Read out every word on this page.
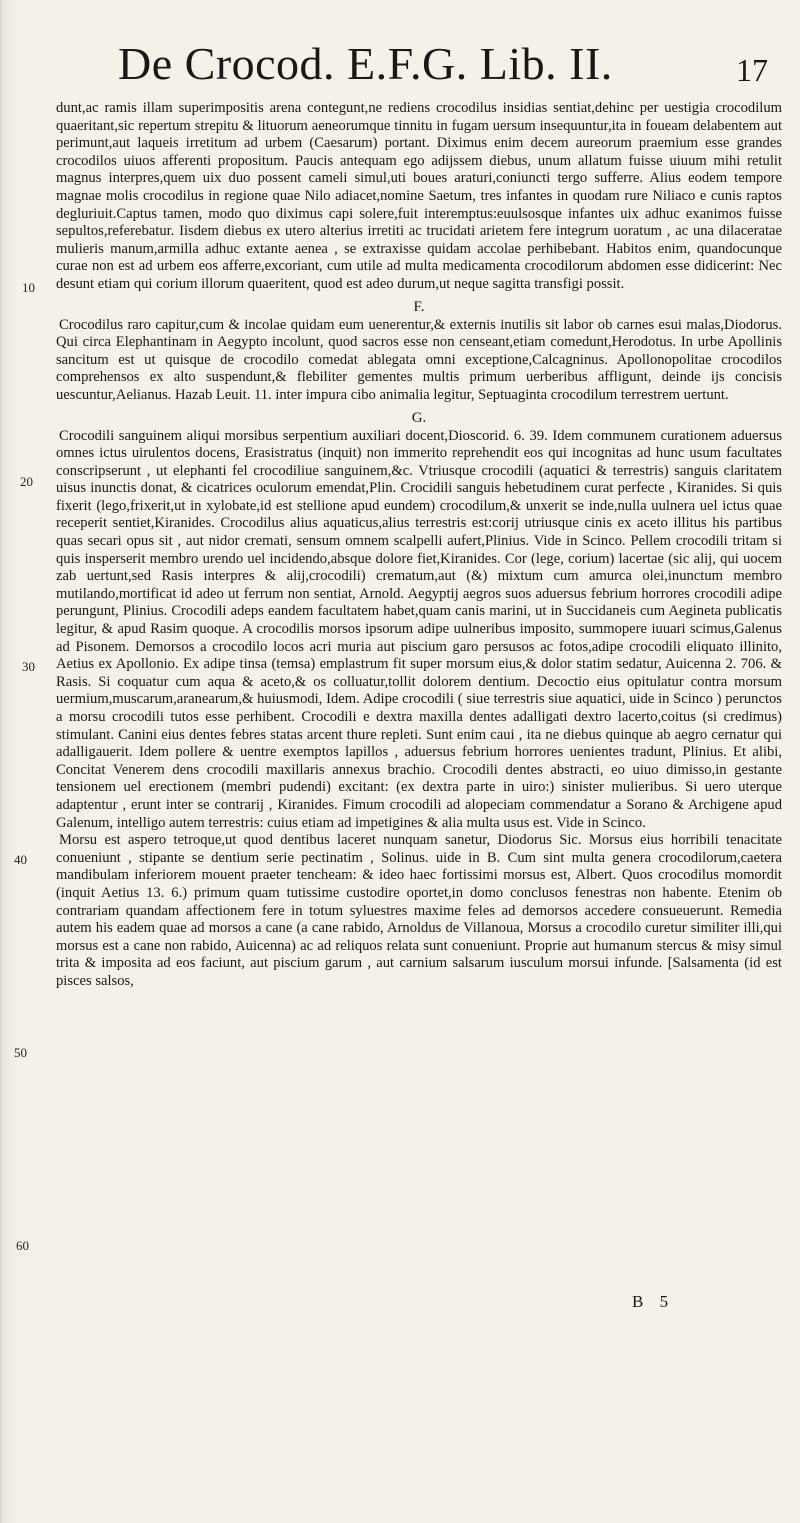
De Crocod. E.F.G. Lib. II.	17
10
20
30
40
50
60

dunt,ac ramis illam superimpositis arena contegunt,ne rediens crocodilus insidias sentiat,dehinc per uestigia crocodilum quaeritant,sic repertum strepitu & lituorum aeneorumque tinnitu in fugam uersum insequuntur,ita in foueam delabentem aut perimunt,aut laqueis irretitum ad urbem (Caesarum) portant. Diximus enim decem aureorum praemium esse grandes crocodilos uiuos afferenti propositum. Paucis antequam ego adijssem diebus, unum allatum fuisse uiuum mihi retulit magnus interpres,quem uix duo possent cameli simul,uti boues araturi,coniuncti tergo sufferre. Alius eodem tempore magnae molis crocodilus in regione quae Nilo adiacet,nomine Saetum, tres infantes in quodam rure Niliaco e cunis raptos degluriuit.Captus tamen, modo quo diximus capi solere,fuit interemptus:euulsosque infantes uix adhuc exanimos fuisse sepultos,referebatur. Iisdem diebus ex utero alterius irretiti ac trucidati arietem fere integrum uoratum , ac una dilaceratae mulieris manum,armilla adhuc extante aenea , se extraxisse quidam accolae perhibebant. Habitos enim, quandocunque curae non est ad urbem eos afferre,excoriant, cum utile ad multa medicamenta crocodilorum abdomen esse didicerint: Nec desunt etiam qui corium illorum quaeritent, quod est adeo durum,ut neque sagitta transfigi possit.

F.

Crocodilus raro capitur,cum & incolae quidam eum uenerentur,& externis inutilis sit labor ob carnes esui malas,Diodorus. Qui circa Elephantinam in Aegypto incolunt, quod sacros esse non censeant,etiam comedunt,Herodotus. In urbe Apollinis sancitum est ut quisque de crocodilo comedat ablegata omni exceptione,Calcagninus. Apollonopolitae crocodilos comprehensos ex alto suspendunt,& flebiliter gementes multis primum uerberibus affligunt, deinde ijs concisis uescuntur,Aelianus. Hazab Leuit. 11. inter impura cibo animalia legitur, Septuaginta crocodilum terrestrem uertunt.

G.

Crocodili sanguinem aliqui morsibus serpentium auxiliari docent,Dioscorid. 6. 39. Idem communem curationem aduersus omnes ictus uirulentos docens, Erasistratus (inquit) non immerito reprehendit eos qui incognitas ad hunc usum facultates conscripserunt , ut elephanti fel crocodiliue sanguinem,&c. Vtriusque crocodili (aquatici & terrestris) sanguis claritatem uisus inunctis donat, & cicatrices oculorum emendat,Plin. Crocidili sanguis hebetudinem curat perfecte , Kiranides. Si quis fixerit (lego,frixerit,ut in xylobate,id est stellione apud eundem) crocodilum,& unxerit se inde,nulla uulnera uel ictus quae receperit sentiet,Kiranides. Crocodilus alius aquaticus,alius terrestris est:corij utriusque cinis ex aceto illitus his partibus quas secari opus sit , aut nidor cremati, sensum omnem scalpelli aufert,Plinius. Vide in Scinco. Pellem crocodili tritam si quis insperserit membro urendo uel incidendo,absque dolore fiet,Kiranides. Cor (lege, corium) lacertae (sic alij, qui uocem zab uertunt,sed Rasis interpres & alij,crocodili) crematum,aut (&) mixtum cum amurca olei,inunctum membro mutilando,mortificat id adeo ut ferrum non sentiat, Arnold. Aegyptij aegros suos aduersus febrium horrores crocodili adipe perungunt, Plinius. Crocodili adeps eandem facultatem habet,quam canis marini, ut in Succidaneis cum Aegineta publicatis legitur, & apud Rasim quoque. A crocodilis morsos ipsorum adipe uulneribus imposito, summopere iuuari scimus,Galenus ad Pisonem. Demorsos a crocodilo locos acri muria aut piscium garo persusos ac fotos,adipe crocodili eliquato illinito, Aetius ex Apollonio. Ex adipe tinsa (temsa) emplastrum fit super morsum eius,& dolor statim sedatur, Auicenna 2. 706. & Rasis. Si coquatur cum aqua & aceto,& os colluatur,tollit dolorem dentium. Decoctio eius opitulatur contra morsum uermium,muscarum,aranearum,& huiusmodi, Idem. Adipe crocodili ( siue terrestris siue aquatici, uide in Scinco ) perunctos a morsu crocodili tutos esse perhibent. Crocodili e dextra maxilla dentes adalligati dextro lacerto,coitus (si credimus) stimulant. Canini eius dentes febres statas arcent thure repleti. Sunt enim caui , ita ne diebus quinque ab aegro cernatur qui adalligauerit. Idem pollere & uentre exemptos lapillos , aduersus febrium horrores uenientes tradunt, Plinius. Et alibi, Concitat Venerem dens crocodili maxillaris annexus brachio. Crocodili dentes abstracti, eo uiuo dimisso,in gestante tensionem uel erectionem (membri pudendi) excitant: (ex dextra parte in uiro:) sinister mulieribus. Si uero uterque adaptentur , erunt inter se contrarij , Kiranides. Fimum crocodili ad alopeciam commendatur a Sorano & Archigene apud Galenum, intelligo autem terrestris: cuius etiam ad impetigines & alia multa usus est. Vide in Scinco.

Morsu est aspero tetroque,ut quod dentibus laceret nunquam sanetur, Diodorus Sic. Morsus eius horribili tenacitate conueniunt , stipante se dentium serie pectinatim , Solinus. uide in B. Cum sint multa genera crocodilorum,caetera mandibulam inferiorem mouent praeter tencheam: & ideo haec fortissimi morsus est, Albert. Quos crocodilus momordit (inquit Aetius 13. 6.) primum quam tutissime custodire oportet,in domo conclusos fenestras non habente. Etenim ob contrariam quandam affectionem fere in totum syluestres maxime feles ad demorsos accedere consueuerunt. Remedia autem his eadem quae ad morsos a cane (a cane rabido, Arnoldus de Villanoua, Morsus a crocodilo curetur similiter illi,qui morsus est a cane non rabido, Auicenna) ac ad reliquos relata sunt conueniunt. Proprie aut humanum stercus & misy simul trita & imposita ad eos faciunt, aut piscium garum , aut carnium salsarum iusculum morsui infunde. [Salsamenta (id est pisces salsos,

B 5
